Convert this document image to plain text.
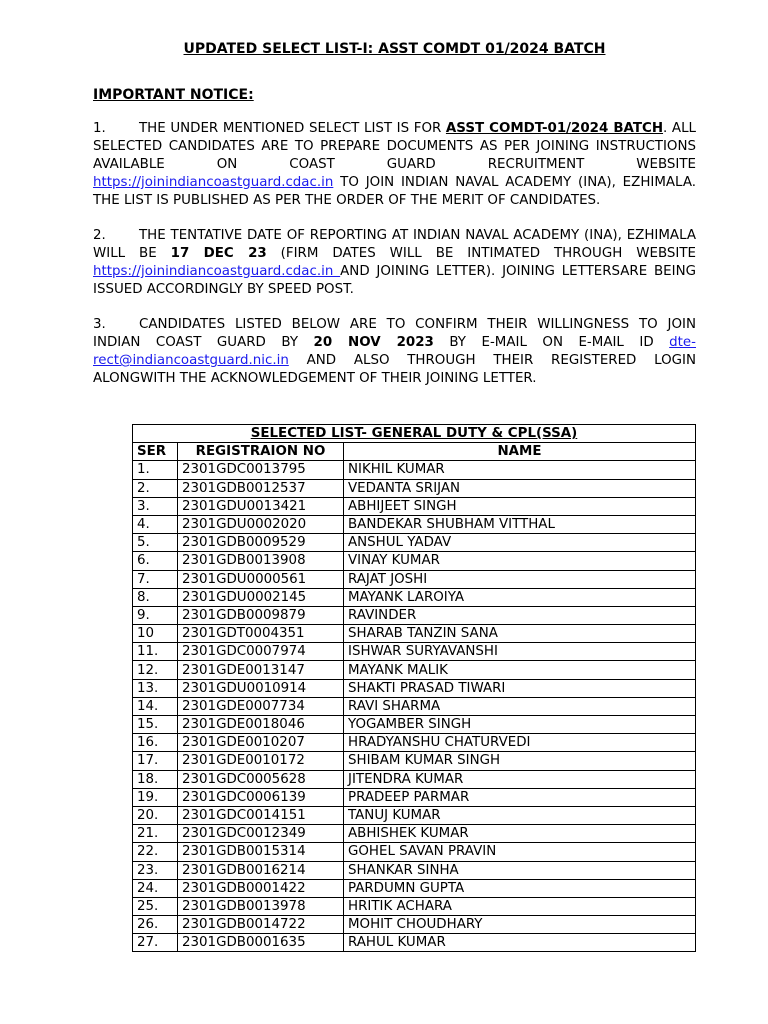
UPDATED SELECT LIST-I: ASST COMDT 01/2024 BATCH
IMPORTANT NOTICE:

1. THE UNDER MENTIONED SELECT LIST IS FOR ASST COMDT-01/2024 BATCH. ALL SELECTED CANDIDATES ARE TO PREPARE DOCUMENTS AS PER JOINING INSTRUCTIONS AVAILABLE ON COAST GUARD RECRUITMENT WEBSITE https://joinindiancoastguard.cdac.in TO JOIN INDIAN NAVAL ACADEMY (INA), EZHIMALA. THE LIST IS PUBLISHED AS PER THE ORDER OF THE MERIT OF CANDIDATES.

2. THE TENTATIVE DATE OF REPORTING AT INDIAN NAVAL ACADEMY (INA), EZHIMALA WILL BE 17 DEC 23 (FIRM DATES WILL BE INTIMATED THROUGH WEBSITE https://joinindiancoastguard.cdac.in AND JOINING LETTER). JOINING LETTERSARE BEING ISSUED ACCORDINGLY BY SPEED POST.

3. CANDIDATES LISTED BELOW ARE TO CONFIRM THEIR WILLINGNESS TO JOIN INDIAN COAST GUARD BY 20 NOV 2023 BY E-MAIL ON E-MAIL ID dte-rect@indiancoastguard.nic.in AND ALSO THROUGH THEIR REGISTERED LOGIN ALONGWITH THE ACKNOWLEDGEMENT OF THEIR JOINING LETTER.

SELECTED LIST- GENERAL DUTY & CPL(SSA)		
SER	REGISTRAION NO	NAME
1.	2301GDC0013795	NIKHIL KUMAR
2.	2301GDB0012537	VEDANTA SRIJAN
3.	2301GDU0013421	ABHIJEET SINGH
4.	2301GDU0002020	BANDEKAR SHUBHAM VITTHAL
5.	2301GDB0009529	ANSHUL YADAV
6.	2301GDB0013908	VINAY KUMAR
7.	2301GDU0000561	RAJAT JOSHI
8.	2301GDU0002145	MAYANK LAROIYA
9.	2301GDB0009879	RAVINDER
10	2301GDT0004351	SHARAB TANZIN SANA
11.	2301GDC0007974	ISHWAR SURYAVANSHI
12.	2301GDE0013147	MAYANK MALIK
13.	2301GDU0010914	SHAKTI PRASAD TIWARI
14.	2301GDE0007734	RAVI SHARMA
15.	2301GDE0018046	YOGAMBER SINGH
16.	2301GDE0010207	HRADYANSHU CHATURVEDI
17.	2301GDE0010172	SHIBAM KUMAR SINGH
18.	2301GDC0005628	JITENDRA KUMAR
19.	2301GDC0006139	PRADEEP PARMAR
20.	2301GDC0014151	TANUJ KUMAR
21.	2301GDC0012349	ABHISHEK KUMAR
22.	2301GDB0015314	GOHEL SAVAN PRAVIN
23.	2301GDB0016214	SHANKAR SINHA
24.	2301GDB0001422	PARDUMN GUPTA
25.	2301GDB0013978	HRITIK ACHARA
26.	2301GDB0014722	MOHIT CHOUDHARY
27.	2301GDB0001635	RAHUL KUMAR
